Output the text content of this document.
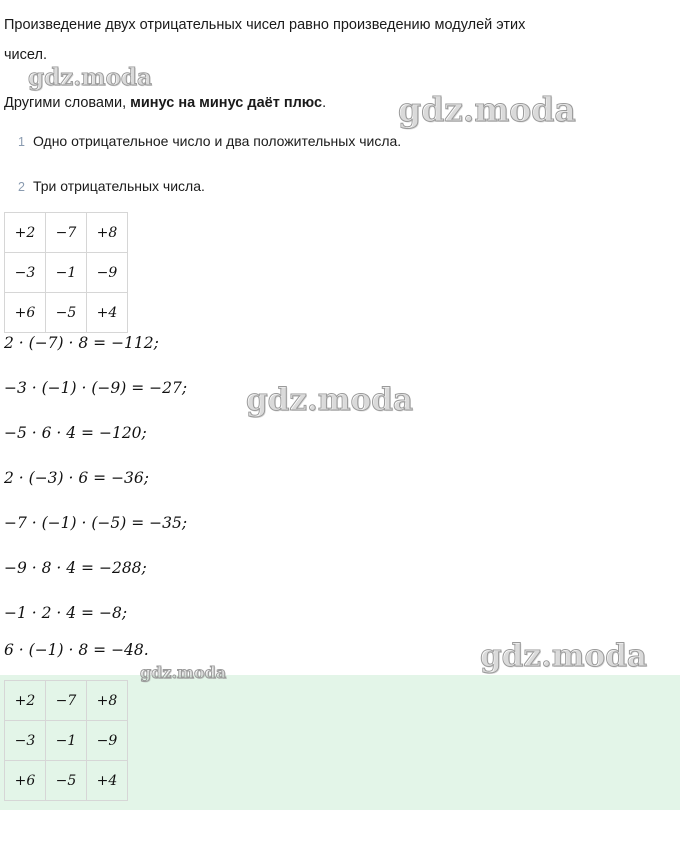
Произведение двух отрицательных чисел равно произведению модулей этих
чисел.
Другими словами, минус на минус даёт плюс.
1 Одно отрицательное число и два положительных числа.
2 Три отрицательных числа.
+2	−7	+8
−3	−1	−9
+6	−5	+4
2 · (−7) · 8 = −112;
−3 · (−1) · (−9) = −27;
−5 · 6 · 4 = −120;
2 · (−3) · 6 = −36;
−7 · (−1) · (−5) = −35;
−9 · 8 · 4 = −288;
−1 · 2 · 4 = −8;
6 · (−1) · 8 = −48.
+2	−7	+8
−3	−1	−9
+6	−5	+4
gdz.moda
gdz.moda
gdz.moda
gdz.moda
gdz.moda
